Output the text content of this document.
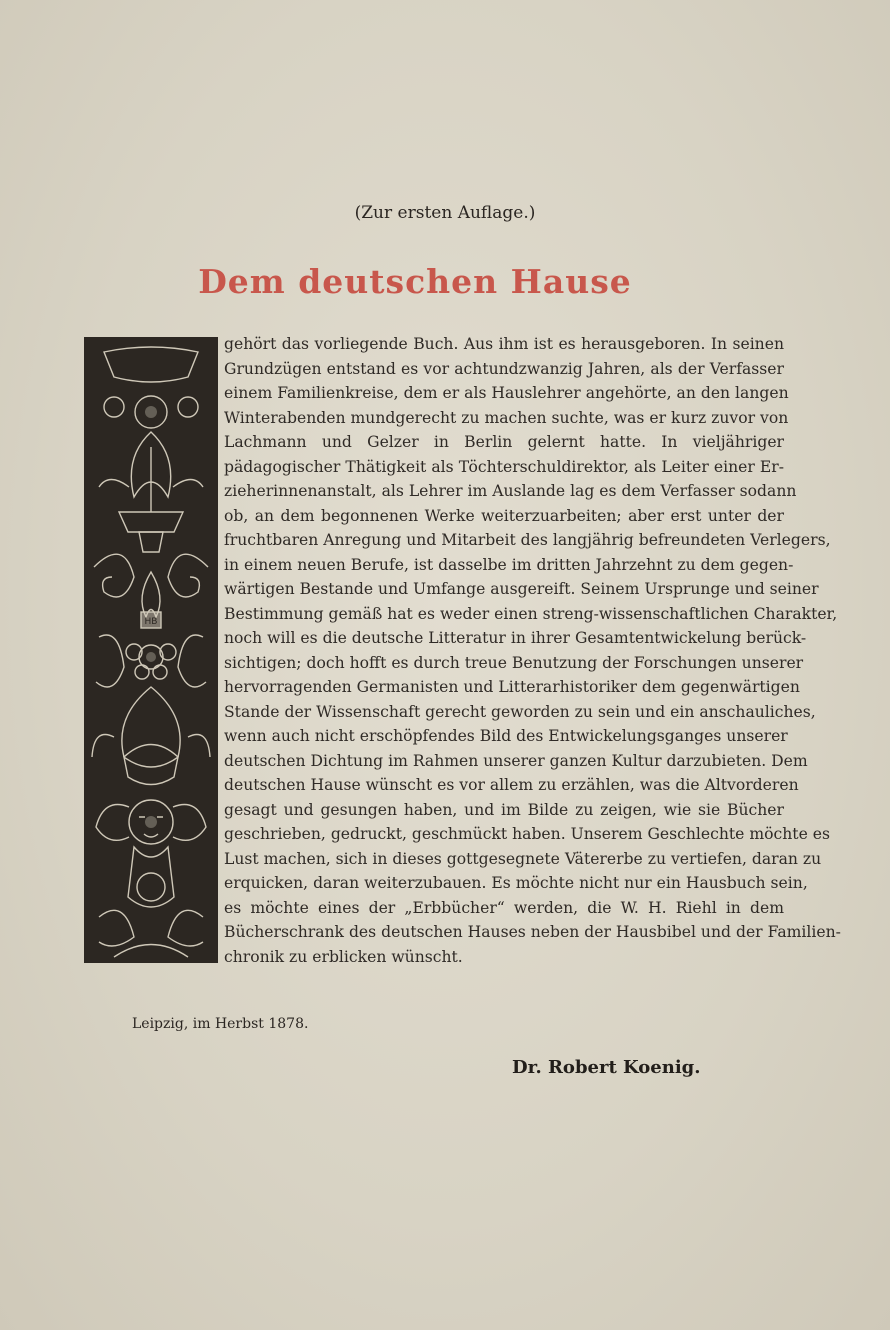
(Zur ersten Auflage.)
Dem deutschen Hause
HB
gehört das vorliegende Buch. Aus ihm ist es herausgeboren. In seinen
Grundzügen entstand es vor achtundzwanzig Jahren, als der Verfasser
einem Familienkreise, dem er als Hauslehrer angehörte, an den langen
Winterabenden mundgerecht zu machen suchte, was er kurz zuvor von
Lachmann und Gelzer in Berlin gelernt hatte. In vieljähriger
pädagogischer Thätigkeit als Töchterschuldirektor, als Leiter einer Er-
zieherinnenanstalt, als Lehrer im Auslande lag es dem Verfasser sodann
ob, an dem begonnenen Werke weiterzuarbeiten; aber erst unter der
fruchtbaren Anregung und Mitarbeit des langjährig befreundeten Verlegers,
in einem neuen Berufe, ist dasselbe im dritten Jahrzehnt zu dem gegen-
wärtigen Bestande und Umfange ausgereift. Seinem Ursprunge und seiner
Bestimmung gemäß hat es weder einen streng-wissenschaftlichen Charakter,
noch will es die deutsche Litteratur in ihrer Gesamtentwickelung berück-
sichtigen; doch hofft es durch treue Benutzung der Forschungen unserer
hervorragenden Germanisten und Litterarhistoriker dem gegenwärtigen
Stande der Wissenschaft gerecht geworden zu sein und ein anschauliches,
wenn auch nicht erschöpfendes Bild des Entwickelungsganges unserer
deutschen Dichtung im Rahmen unserer ganzen Kultur darzubieten. Dem
deutschen Hause wünscht es vor allem zu erzählen, was die Altvorderen
gesagt und gesungen haben, und im Bilde zu zeigen, wie sie Bücher
geschrieben, gedruckt, geschmückt haben. Unserem Geschlechte möchte es
Lust machen, sich in dieses gottgesegnete Vätererbe zu vertiefen, daran zu
erquicken, daran weiterzubauen. Es möchte nicht nur ein Hausbuch sein,
es möchte eines der „Erbbücher“ werden, die W. H. Riehl in dem
Bücherschrank des deutschen Hauses neben der Hausbibel und der Familien-
chronik zu erblicken wünscht.
Leipzig, im Herbst 1878.
Dr. Robert Koenig.
